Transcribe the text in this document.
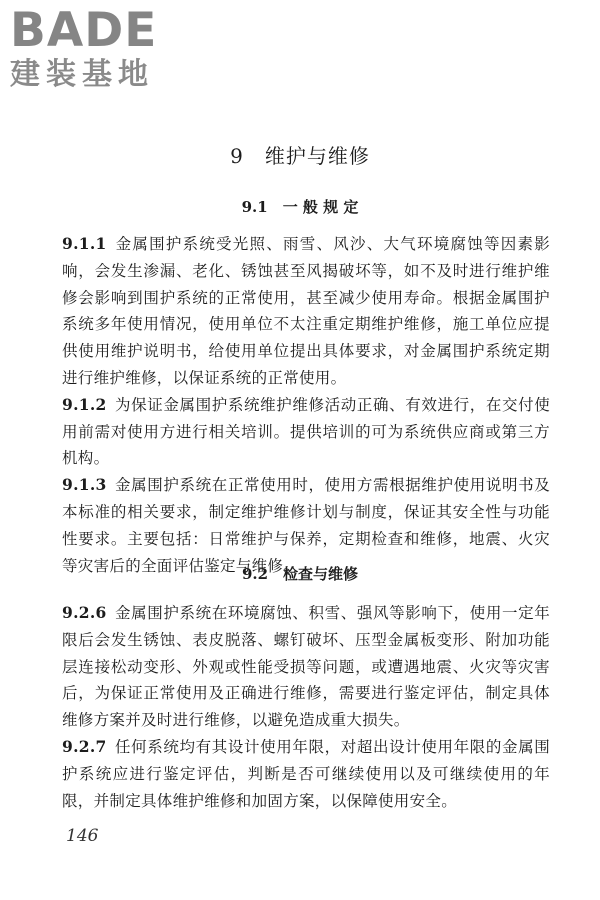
BADE
建装基地
9　维护与维修
9.1　一 般 规 定

9.1.1 金属围护系统受光照、雨雪、风沙、大气环境腐蚀等因素影响，会发生渗漏、老化、锈蚀甚至风揭破坏等，如不及时进行维护维修会影响到围护系统的正常使用，甚至减少使用寿命。根据金属围护系统多年使用情况，使用单位不太注重定期维护维修，施工单位应提供使用维护说明书，给使用单位提出具体要求，对金属围护系统定期进行维护维修，以保证系统的正常使用。

9.1.2 为保证金属围护系统维护维修活动正确、有效进行，在交付使用前需对使用方进行相关培训。提供培训的可为系统供应商或第三方机构。

9.1.3 金属围护系统在正常使用时，使用方需根据维护使用说明书及本标准的相关要求，制定维护维修计划与制度，保证其安全性与功能性要求。主要包括：日常维护与保养，定期检查和维修，地震、火灾等灾害后的全面评估鉴定与维修。

9.2　检查与维修

9.2.6 金属围护系统在环境腐蚀、积雪、强风等影响下，使用一定年限后会发生锈蚀、表皮脱落、螺钉破坏、压型金属板变形、附加功能层连接松动变形、外观或性能受损等问题，或遭遇地震、火灾等灾害后，为保证正常使用及正确进行维修，需要进行鉴定评估，制定具体维修方案并及时进行维修，以避免造成重大损失。

9.2.7 任何系统均有其设计使用年限，对超出设计使用年限的金属围护系统应进行鉴定评估，判断是否可继续使用以及可继续使用的年限，并制定具体维护维修和加固方案，以保障使用安全。

146
